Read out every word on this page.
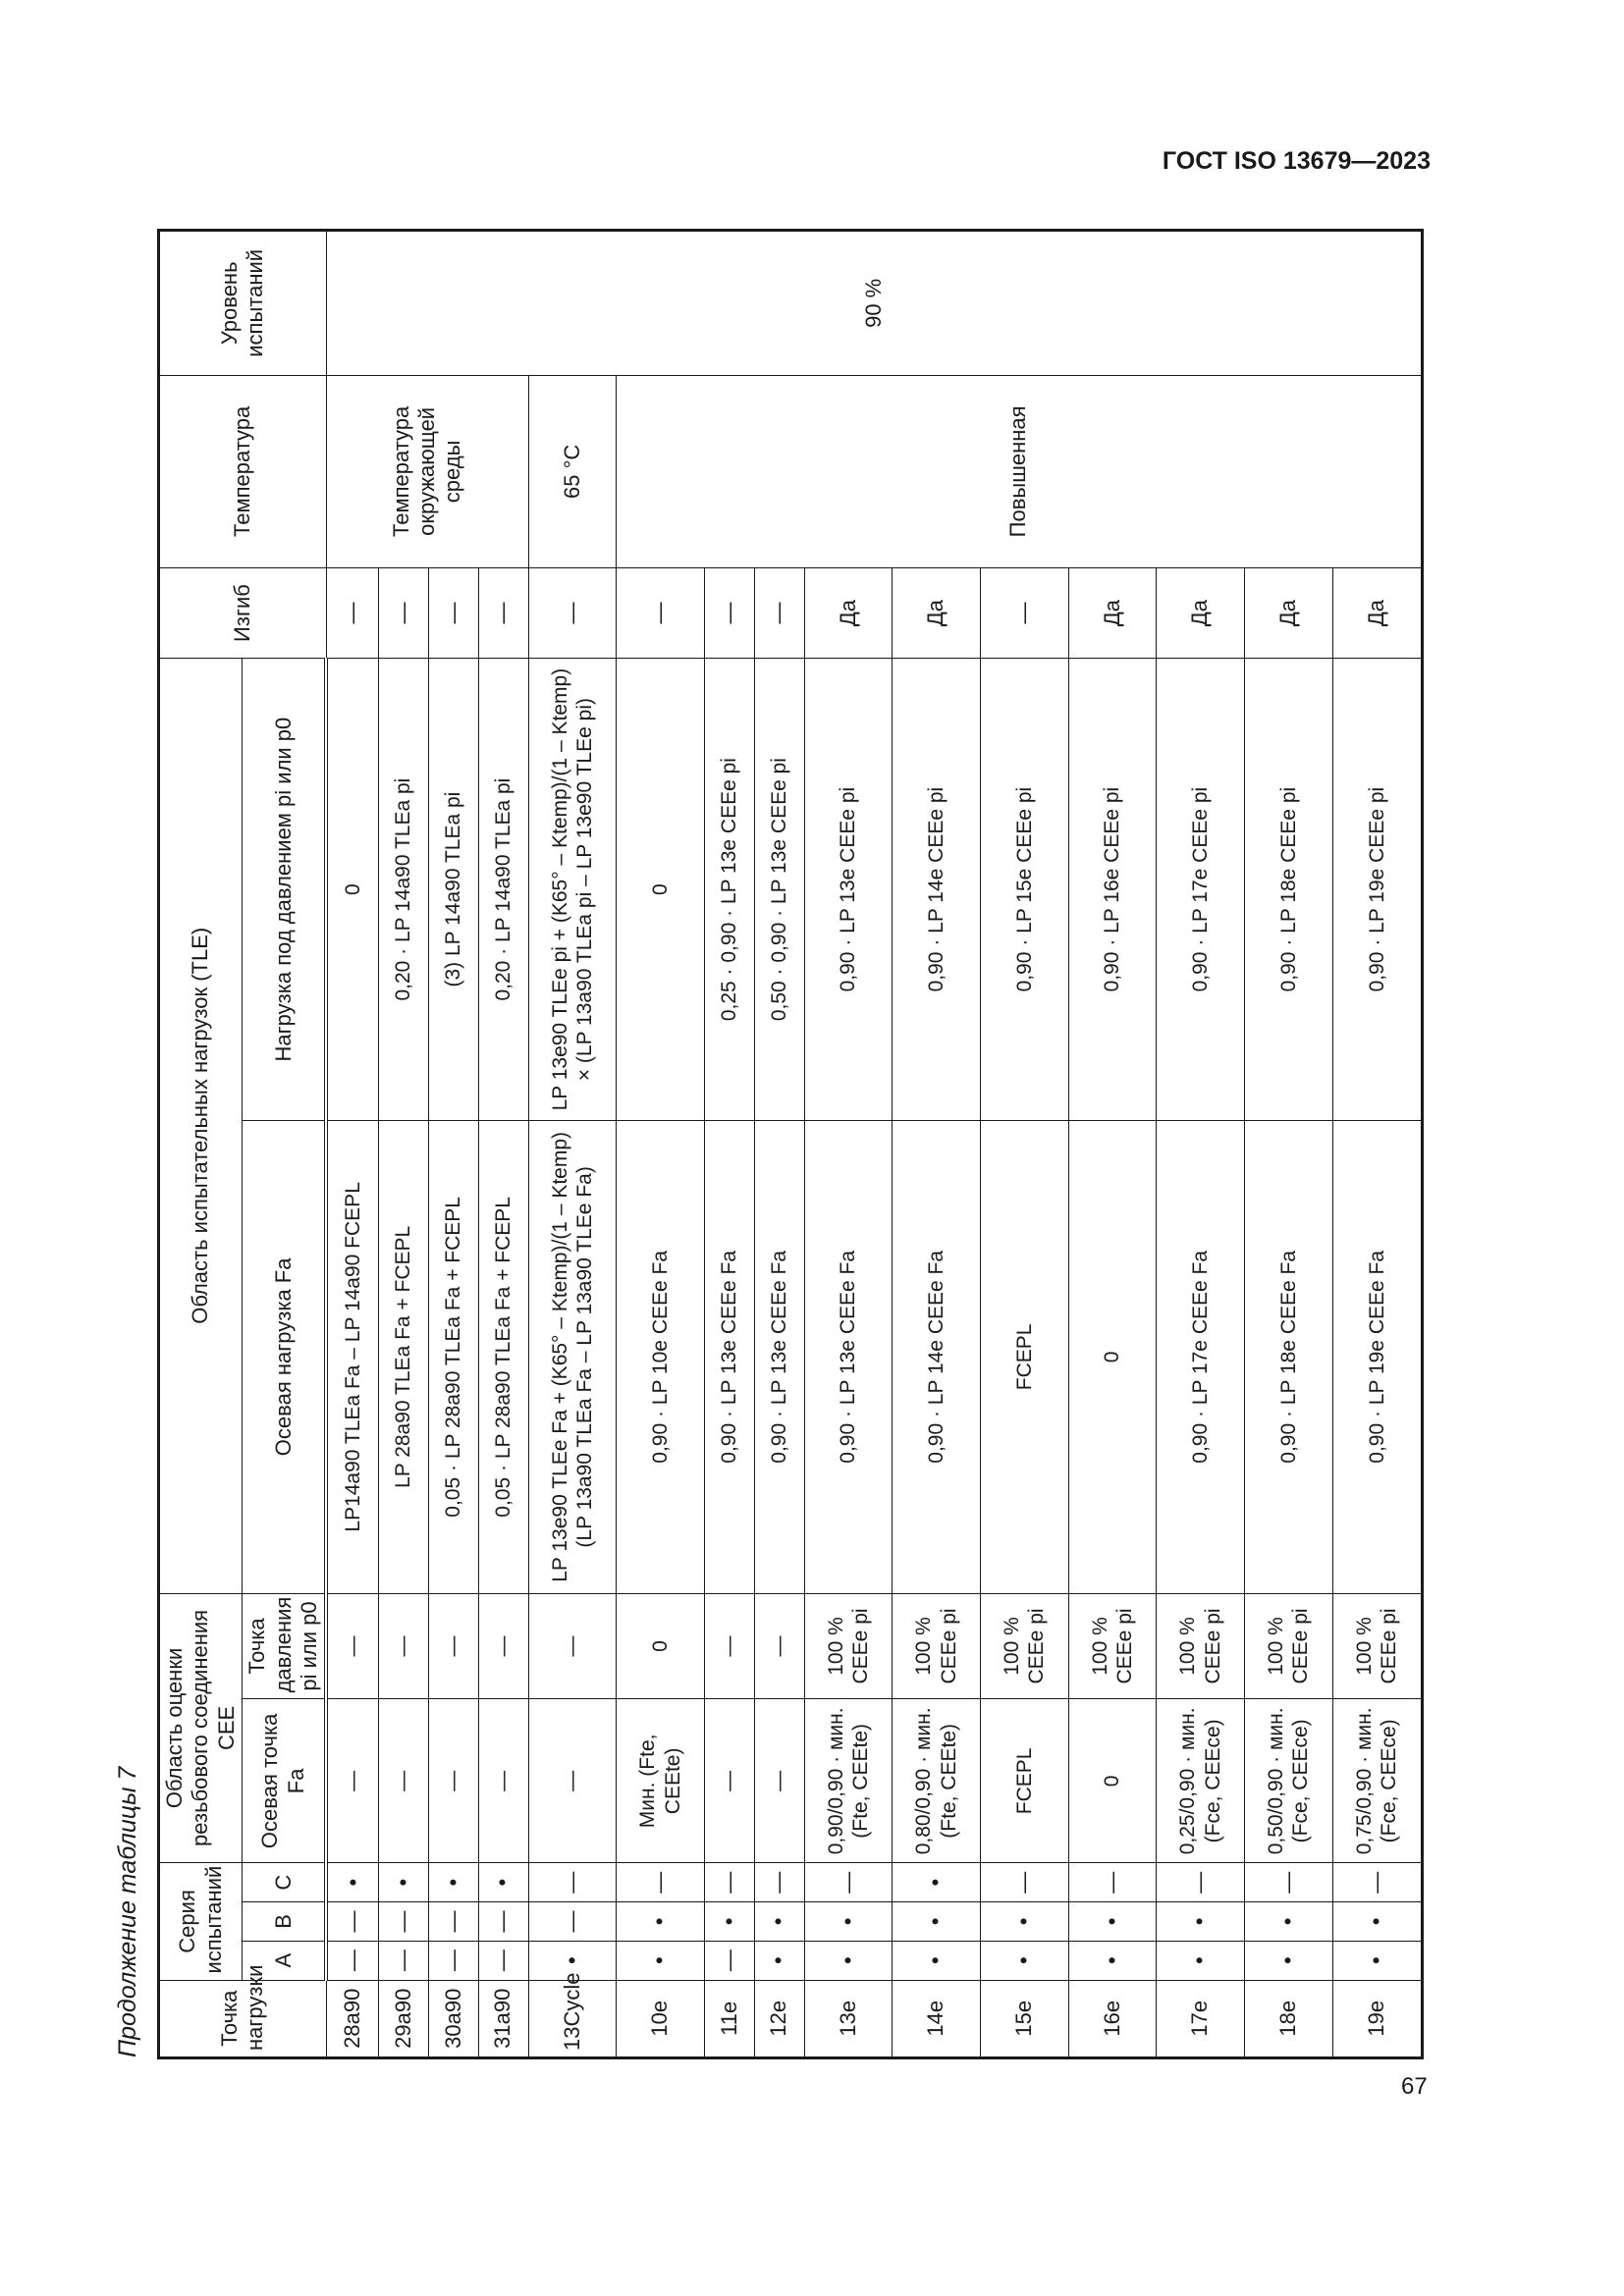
ГОСТ ISO 13679—2023
Продолжение таблицы 7
67
Точка нагрузки	Серия испытаний			Область оценки резьбового соединения CEE		Область испытательных нагрузок (TLE)		Изгиб	Температура	Уровень испытаний
	А	В	С	Осевая точка Fa	Точка давления pi или p0	Осевая нагрузка Fa	Нагрузка под давлением pi или p0			
28a90	—	—	•	—	—	LP14a90 TLEa Fa – LP 14a90 FCEPL	0	—	Температура окружающей среды	90 %
29a90	—	—	•	—	—	LP 28a90 TLEa Fa + FCEPL	0,20 · LP 14a90 TLEa pi	—		
30a90	—	—	•	—	—	0,05 · LP 28a90 TLEa Fa + FCEPL	(3) LP 14a90 TLEa pi	—		
31a90	—	—	•	—	—	0,05 · LP 28a90 TLEa Fa + FCEPL	0,20 · LP 14a90 TLEa pi	—		
13Cycle	•	—	—	—	—	LP 13e90 TLEe Fa + (K65° – Ktemp)/(1 – Ktemp) (LP 13a90 TLEa Fa – LP 13a90 TLEe Fa)	LP 13e90 TLEe pi + (K65° – Ktemp)/(1 – Ktemp) × (LP 13a90 TLEa pi – LP 13e90 TLEe pi)	—	65 °С	
10e	•	•	—	Мин. (Fte, CEEte)	0	0,90 · LP 10e CEEe Fa	0	—	Повышенная	
11e	—	•	—	—	—	0,90 · LP 13e CEEe Fa	0,25 · 0,90 · LP 13e CEEe pi	—		
12e	•	•	—	—	—	0,90 · LP 13e CEEe Fa	0,50 · 0,90 · LP 13e CEEe pi	—		
13e	•	•	—	0,90/0,90 · мин. (Fte, CEEte)	100 % CEEe pi	0,90 · LP 13e CEEe Fa	0,90 · LP 13e CEEe pi	Да		
14e	•	•	•	0,80/0,90 · мин. (Fte, CEEte)	100 % CEEe pi	0,90 · LP 14e CEEe Fa	0,90 · LP 14e CEEe pi	Да		
15e	•	•	—	FCEPL	100 % CEEe pi	FCEPL	0,90 · LP 15e CEEe pi	—		
16e	•	•	—	0	100 % CEEe pi	0	0,90 · LP 16e CEEe pi	Да		
17e	•	•	—	0,25/0,90 · мин. (Fce, CEEce)	100 % CEEe pi	0,90 · LP 17e CEEe Fa	0,90 · LP 17e CEEe pi	Да		
18e	•	•	—	0,50/0,90 · мин. (Fce, CEEce)	100 % CEEe pi	0,90 · LP 18e CEEe Fa	0,90 · LP 18e CEEe pi	Да		
19e	•	•	—	0,75/0,90 · мин. (Fce, CEEce)	100 % CEEe pi	0,90 · LP 19e CEEe Fa	0,90 · LP 19e CEEe pi	Да		
